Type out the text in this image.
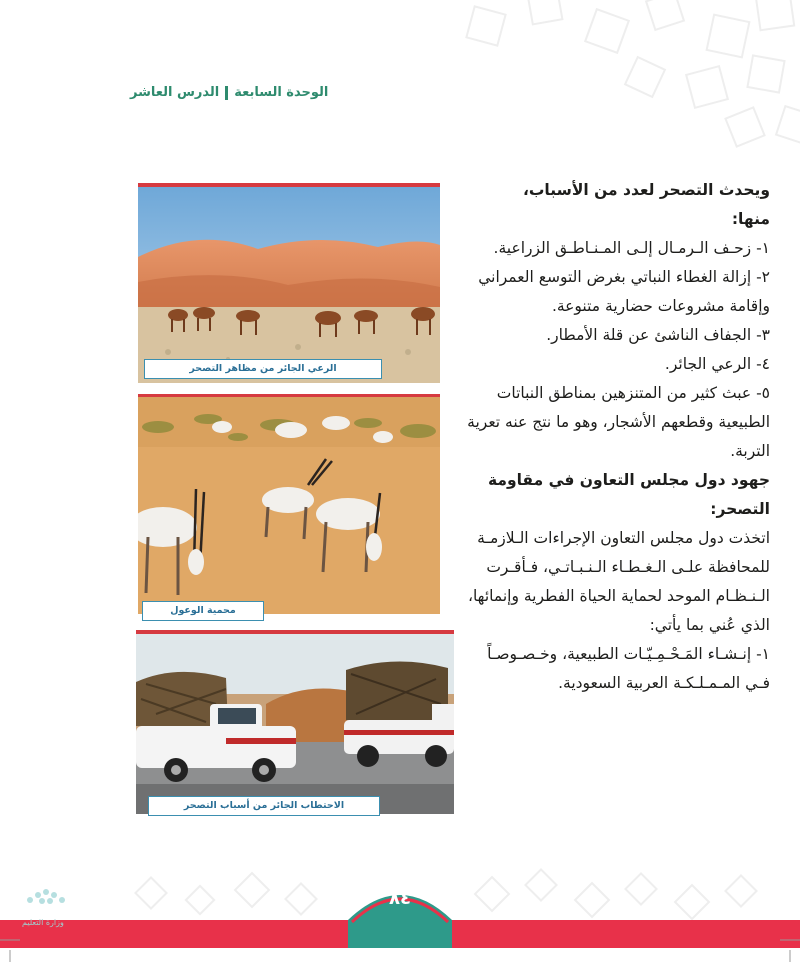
الوحدة السابعةالدرس العاشر

ويحدث التصحر لعدد من الأسباب،

منها:

١- زحـف الـرمـال إلـى المـنـاطـق الزراعية.

٢- إزالة الغطاء النباتي بغرض التوسع العمراني وإقامة مشروعات حضارية متنوعة.

٣- الجفاف الناشئ عن قلة الأمطار.

٤- الرعي الجائر.

٥- عبث كثير من المتنزهين بمناطق النباتات الطبيعية وقطعهم الأشجار، وهو ما نتج عنه تعرية التربة.

جهود دول مجلس التعاون في مقاومة التصحر:

اتخذت دول مجلس التعاون الإجراءات الـلازمـة للمحافظة علـى الـغـطـاء الـنـبـاتـي، فـأقـرت الـنـظـام الموحد لحماية الحياة الفطرية وإنمائها، الذي عُني بما يأتي:

١- إنـشـاء المَـحْـمِـيّـات الطبيعية، وخـصـوصـاً فـي المـمـلـكـة العربية السعودية.

الرعي الجائر من مظاهر التصحر
محمية الوعول
الاحتطاب الجائر من أسباب التصحر
٨٤
وزارة التعليم
